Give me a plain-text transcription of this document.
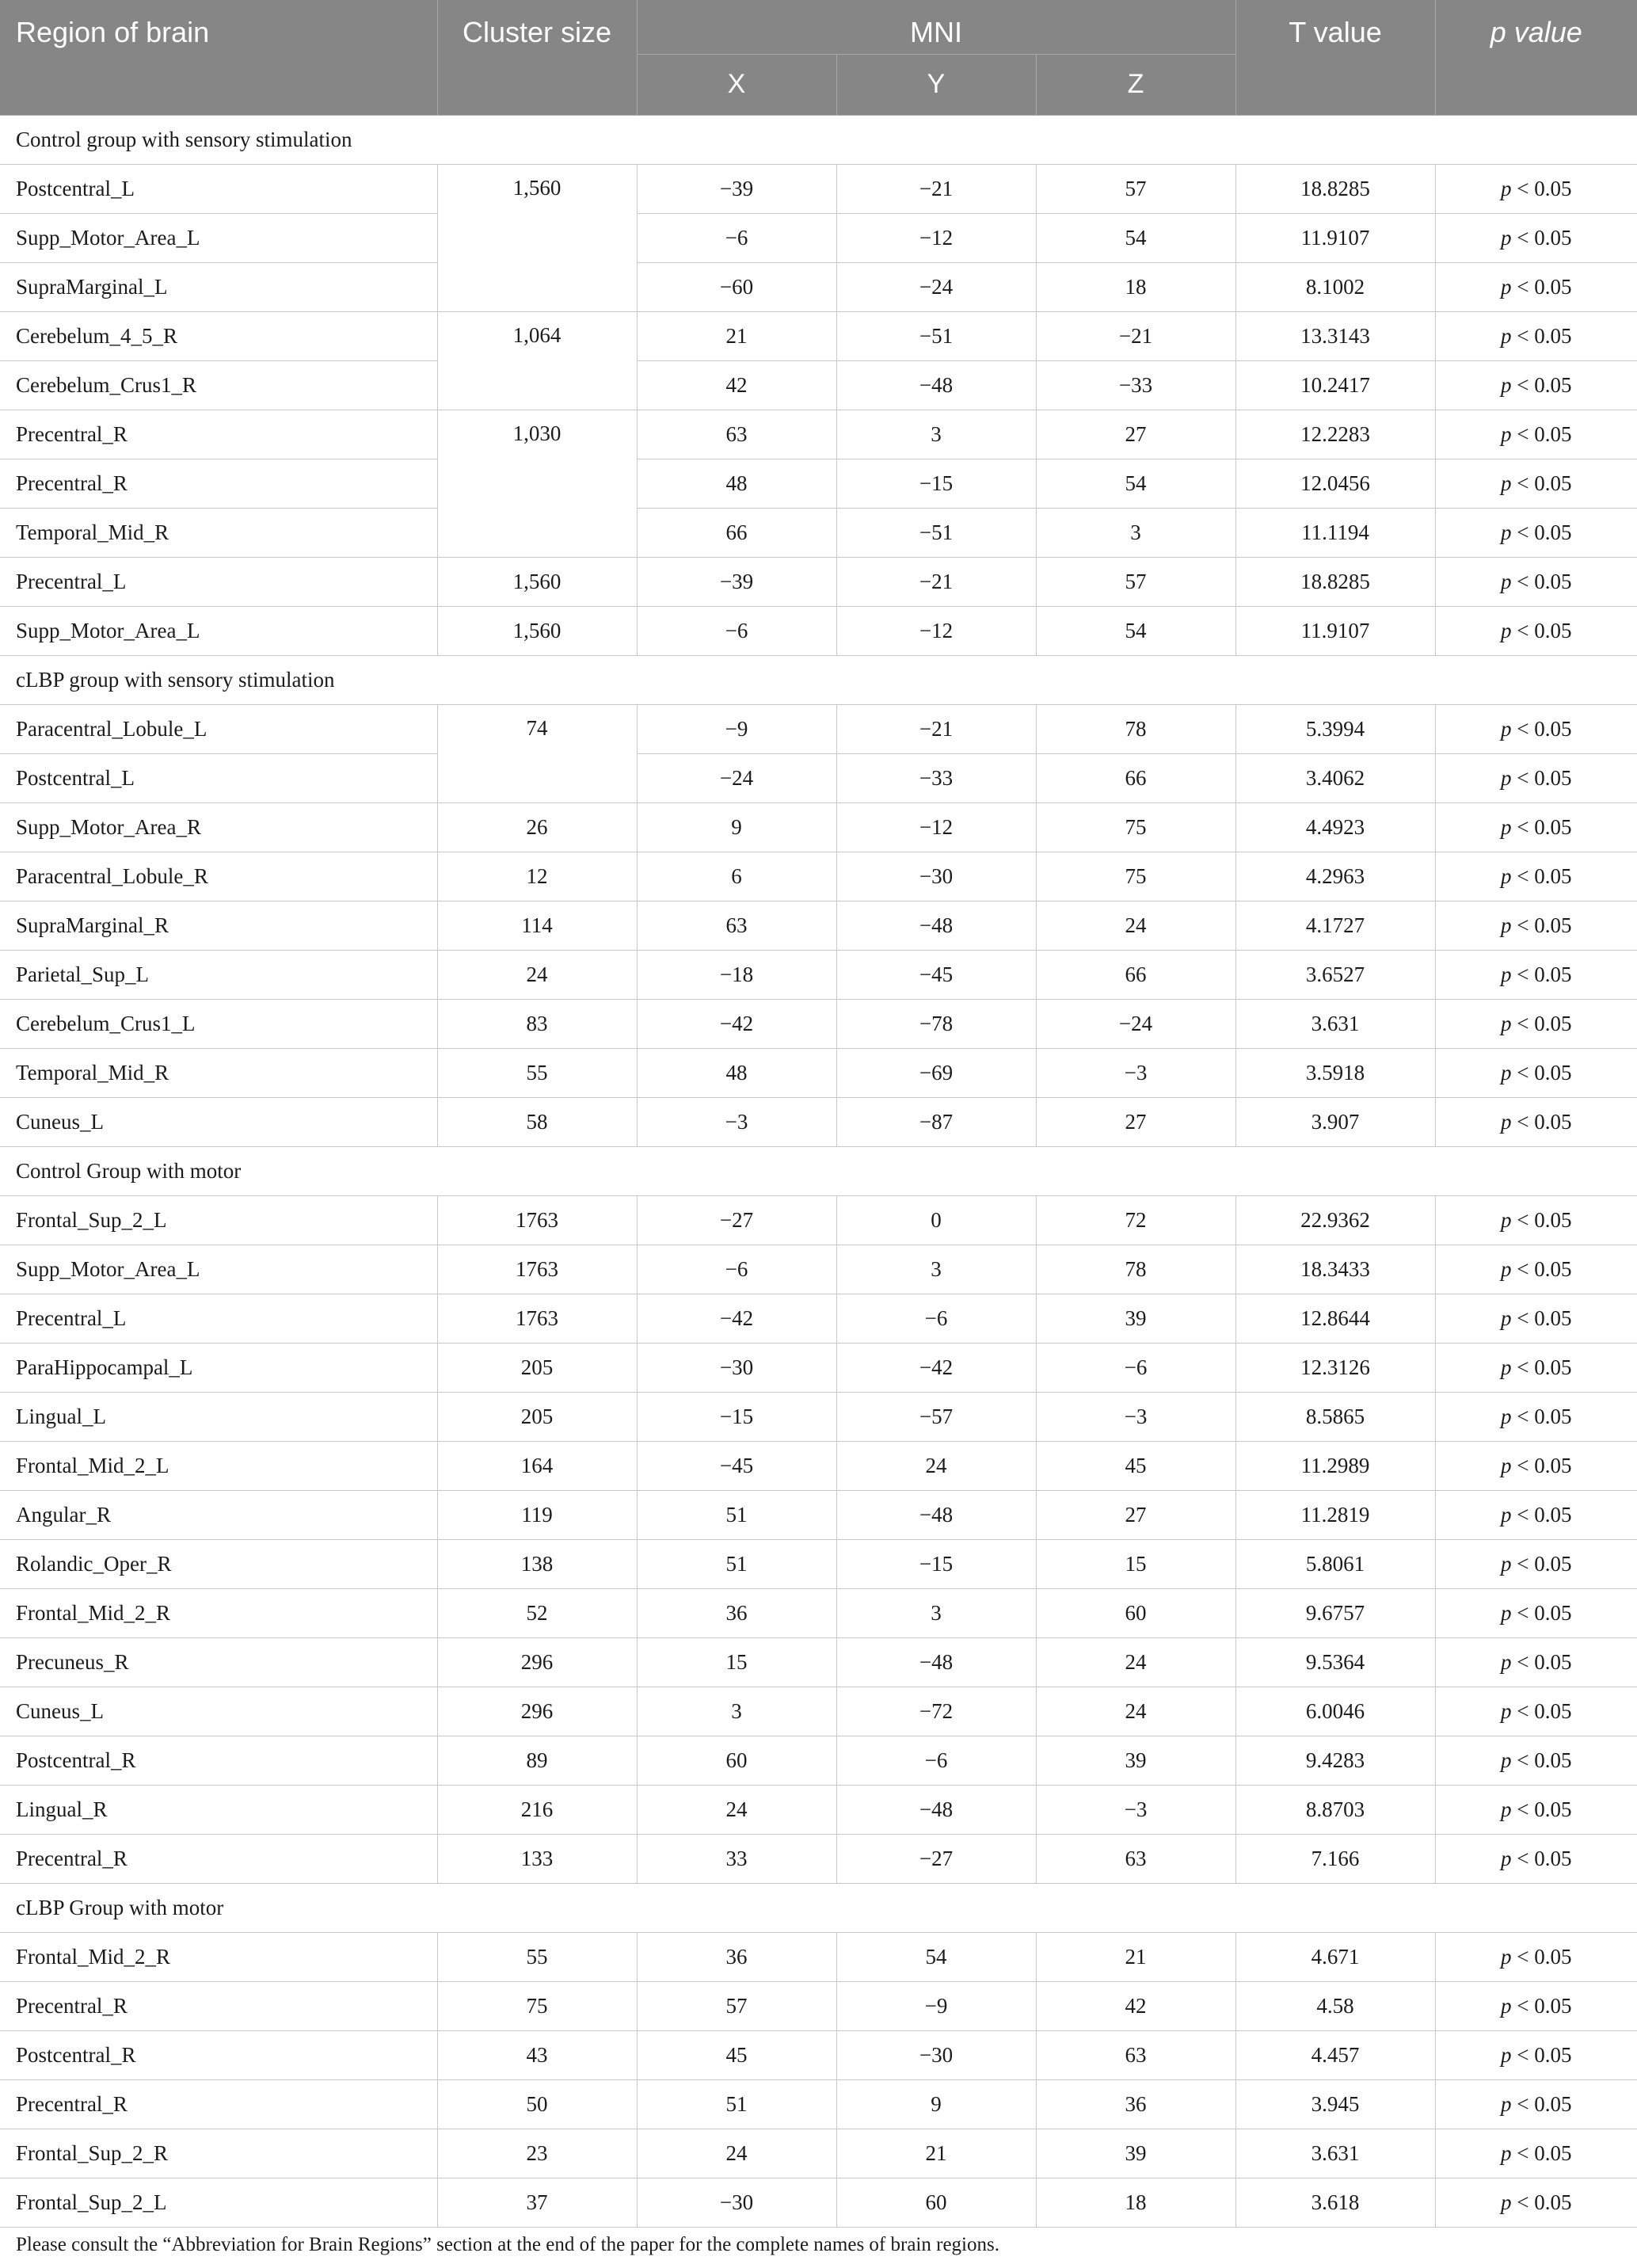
Region of brain	Cluster size	MNI			T value	p value
		X	Y	Z		
Control group with sensory stimulation						
Postcentral_L	1,560	−39	−21	57	18.8285	p < 0.05
Supp_Motor_Area_L		−6	−12	54	11.9107	p < 0.05
SupraMarginal_L		−60	−24	18	8.1002	p < 0.05
Cerebelum_4_5_R	1,064	21	−51	−21	13.3143	p < 0.05
Cerebelum_Crus1_R		42	−48	−33	10.2417	p < 0.05
Precentral_R	1,030	63	3	27	12.2283	p < 0.05
Precentral_R		48	−15	54	12.0456	p < 0.05
Temporal_Mid_R		66	−51	3	11.1194	p < 0.05
Precentral_L	1,560	−39	−21	57	18.8285	p < 0.05
Supp_Motor_Area_L	1,560	−6	−12	54	11.9107	p < 0.05
cLBP group with sensory stimulation						
Paracentral_Lobule_L	74	−9	−21	78	5.3994	p < 0.05
Postcentral_L		−24	−33	66	3.4062	p < 0.05
Supp_Motor_Area_R	26	9	−12	75	4.4923	p < 0.05
Paracentral_Lobule_R	12	6	−30	75	4.2963	p < 0.05
SupraMarginal_R	114	63	−48	24	4.1727	p < 0.05
Parietal_Sup_L	24	−18	−45	66	3.6527	p < 0.05
Cerebelum_Crus1_L	83	−42	−78	−24	3.631	p < 0.05
Temporal_Mid_R	55	48	−69	−3	3.5918	p < 0.05
Cuneus_L	58	−3	−87	27	3.907	p < 0.05
Control Group with motor						
Frontal_Sup_2_L	1763	−27	0	72	22.9362	p < 0.05
Supp_Motor_Area_L	1763	−6	3	78	18.3433	p < 0.05
Precentral_L	1763	−42	−6	39	12.8644	p < 0.05
ParaHippocampal_L	205	−30	−42	−6	12.3126	p < 0.05
Lingual_L	205	−15	−57	−3	8.5865	p < 0.05
Frontal_Mid_2_L	164	−45	24	45	11.2989	p < 0.05
Angular_R	119	51	−48	27	11.2819	p < 0.05
Rolandic_Oper_R	138	51	−15	15	5.8061	p < 0.05
Frontal_Mid_2_R	52	36	3	60	9.6757	p < 0.05
Precuneus_R	296	15	−48	24	9.5364	p < 0.05
Cuneus_L	296	3	−72	24	6.0046	p < 0.05
Postcentral_R	89	60	−6	39	9.4283	p < 0.05
Lingual_R	216	24	−48	−3	8.8703	p < 0.05
Precentral_R	133	33	−27	63	7.166	p < 0.05
cLBP Group with motor						
Frontal_Mid_2_R	55	36	54	21	4.671	p < 0.05
Precentral_R	75	57	−9	42	4.58	p < 0.05
Postcentral_R	43	45	−30	63	4.457	p < 0.05
Precentral_R	50	51	9	36	3.945	p < 0.05
Frontal_Sup_2_R	23	24	21	39	3.631	p < 0.05
Frontal_Sup_2_L	37	−30	60	18	3.618	p < 0.05
Please consult the “Abbreviation for Brain Regions” section at the end of the paper for the complete names of brain regions.
